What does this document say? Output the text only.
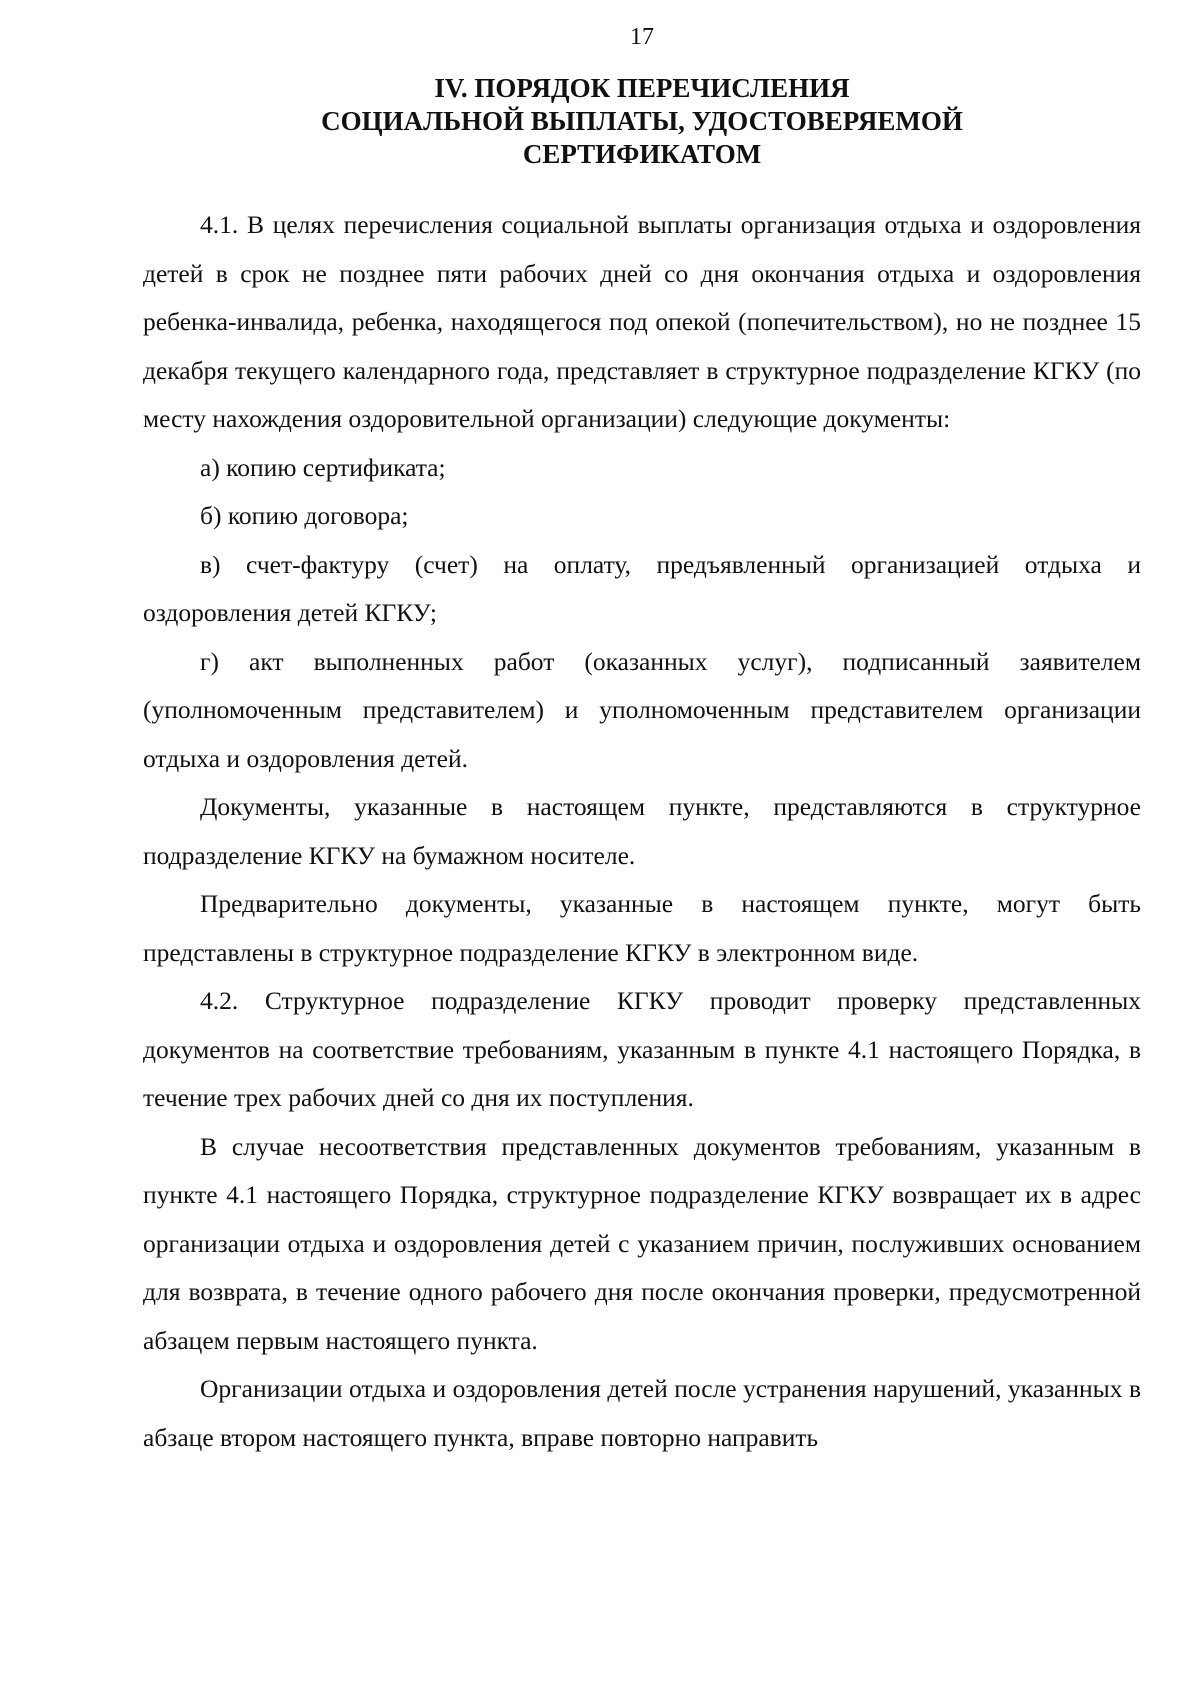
17
IV. ПОРЯДОК ПЕРЕЧИСЛЕНИЯ
СОЦИАЛЬНОЙ ВЫПЛАТЫ, УДОСТОВЕРЯЕМОЙ
СЕРТИФИКАТОМ

4.1. В целях перечисления социальной выплаты организация отдыха и оздоровления детей в срок не позднее пяти рабочих дней со дня окончания отдыха и оздоровления ребенка-инвалида, ребенка, находящегося под опекой (попечительством), но не позднее 15 декабря текущего календарного года, представляет в структурное подразделение КГКУ (по месту нахождения оздоровительной организации) следующие документы:

а) копию сертификата;

б) копию договора;

в) счет-фактуру (счет) на оплату, предъявленный организацией отдыха и оздоровления детей КГКУ;

г) акт выполненных работ (оказанных услуг), подписанный заявителем (уполномоченным представителем) и уполномоченным представителем организации отдыха и оздоровления детей.

Документы, указанные в настоящем пункте, представляются в структурное подразделение КГКУ на бумажном носителе.

Предварительно документы, указанные в настоящем пункте, могут быть представлены в структурное подразделение КГКУ в электронном виде.

4.2. Структурное подразделение КГКУ проводит проверку представленных документов на соответствие требованиям, указанным в пункте 4.1 настоящего Порядка, в течение трех рабочих дней со дня их поступления.

В случае несоответствия представленных документов требованиям, указанным в пункте 4.1 настоящего Порядка, структурное подразделение КГКУ возвращает их в адрес организации отдыха и оздоровления детей с указанием причин, послуживших основанием для возврата, в течение одного рабочего дня после окончания проверки, предусмотренной абзацем первым настоящего пункта.

Организации отдыха и оздоровления детей после устранения нарушений, указанных в абзаце втором настоящего пункта, вправе повторно направить
